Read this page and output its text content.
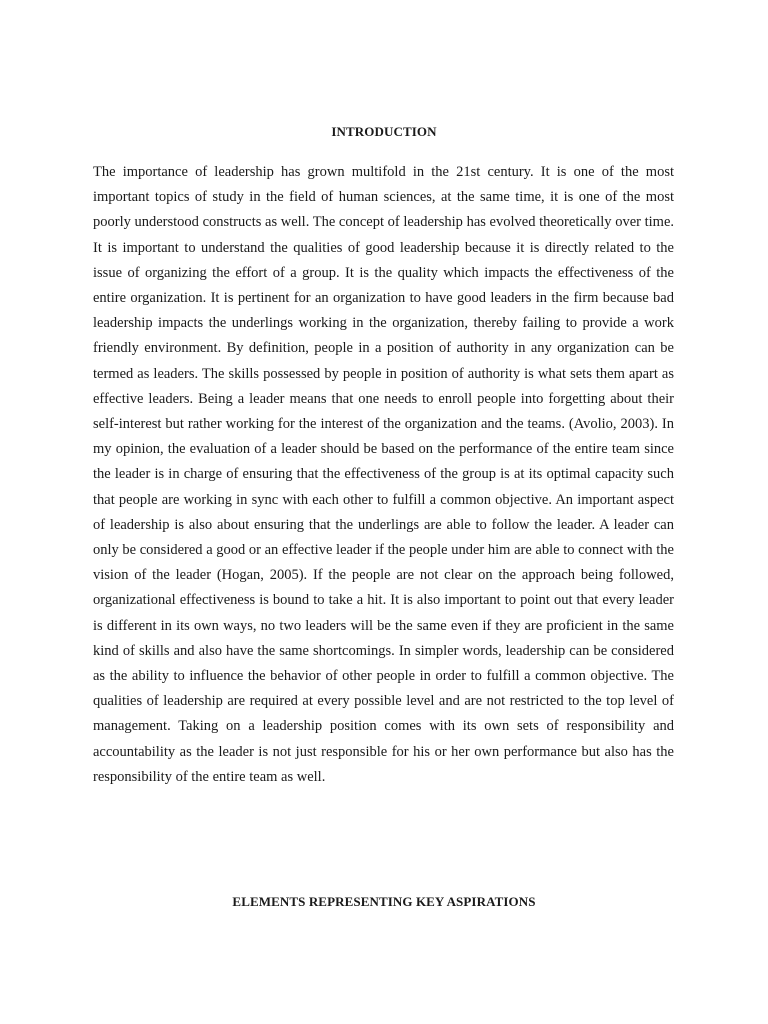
INTRODUCTION

The importance of leadership has grown multifold in the 21st century. It is one of the most important topics of study in the field of human sciences, at the same time, it is one of the most poorly understood constructs as well. The concept of leadership has evolved theoretically over time. It is important to understand the qualities of good leadership because it is directly related to the issue of organizing the effort of a group. It is the quality which impacts the effectiveness of the entire organization. It is pertinent for an organization to have good leaders in the firm because bad leadership impacts the underlings working in the organization, thereby failing to provide a work friendly environment. By definition, people in a position of authority in any organization can be termed as leaders. The skills possessed by people in position of authority is what sets them apart as effective leaders. Being a leader means that one needs to enroll people into forgetting about their self-interest but rather working for the interest of the organization and the teams. (Avolio, 2003). In my opinion, the evaluation of a leader should be based on the performance of the entire team since the leader is in charge of ensuring that the effectiveness of the group is at its optimal capacity such that people are working in sync with each other to fulfill a common objective. An important aspect of leadership is also about ensuring that the underlings are able to follow the leader. A leader can only be considered a good or an effective leader if the people under him are able to connect with the vision of the leader (Hogan, 2005). If the people are not clear on the approach being followed, organizational effectiveness is bound to take a hit. It is also important to point out that every leader is different in its own ways, no two leaders will be the same even if they are proficient in the same kind of skills and also have the same shortcomings. In simpler words, leadership can be considered as the ability to influence the behavior of other people in order to fulfill a common objective. The qualities of leadership are required at every possible level and are not restricted to the top level of management. Taking on a leadership position comes with its own sets of responsibility and accountability as the leader is not just responsible for his or her own performance but also has the responsibility of the entire team as well.

ELEMENTS REPRESENTING KEY ASPIRATIONS
